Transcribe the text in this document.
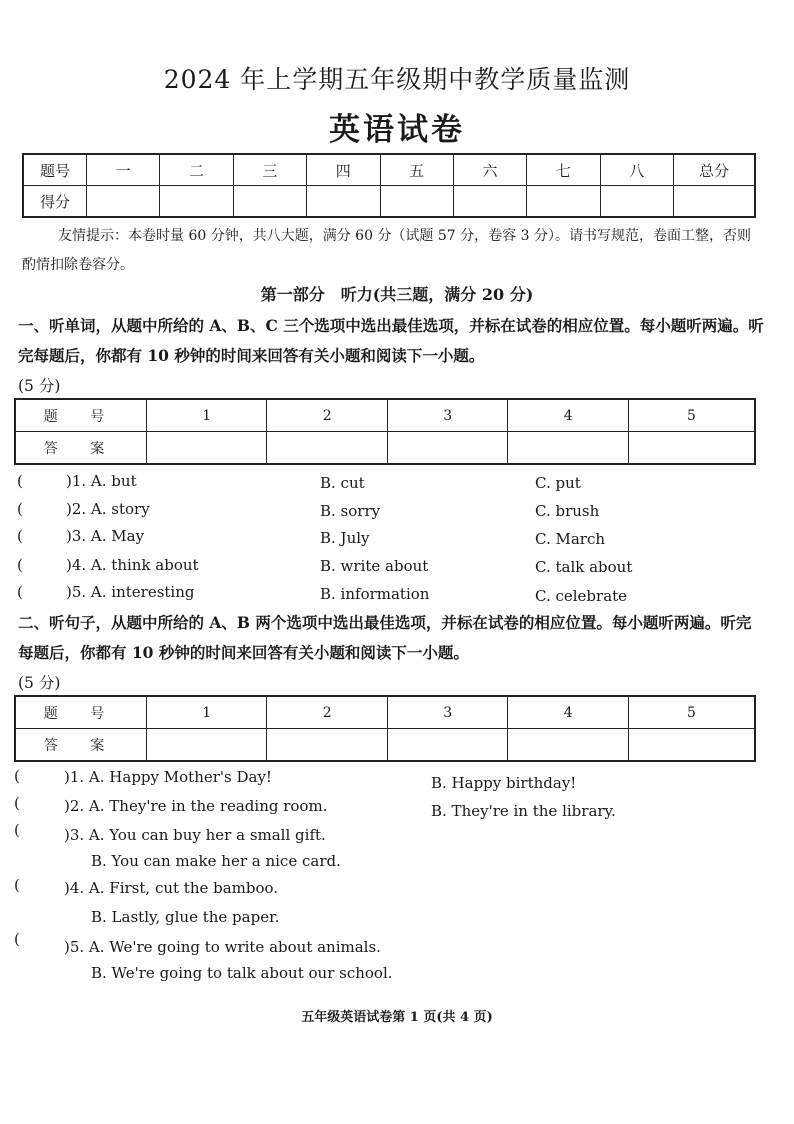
2024 年上学期五年级期中教学质量监测
英语试卷
题号	一	二	三	四	五	六	七	八	总分
得分									
友情提示：本卷时量 60 分钟，共八大题，满分 60 分（试题 57 分，卷容 3 分）。请书写规范，卷面工整，否则酌情扣除卷容分。
第一部分　听力(共三题，满分 20 分)
一、听单词，从题中所给的 A、B、C 三个选项中选出最佳选项，并标在试卷的相应位置。每小题听两遍。听完每题后，你都有 10 秒钟的时间来回答有关小题和阅读下一小题。
(5 分)
题 号	1	2	3	4	5
答 案					
(	)1. A. but	B. cut	C. put
(	)2. A. story	B. sorry	C. brush
(	)3. A. May	B. July	C. March
(	)4. A. think about	B. write about	C. talk about
(	)5. A. interesting	B. information	C. celebrate
二、听句子，从题中所给的 A、B 两个选项中选出最佳选项，并标在试卷的相应位置。每小题听两遍。听完每题后，你都有 10 秒钟的时间来回答有关小题和阅读下一小题。
(5 分)
题 号	1	2	3	4	5
答 案					
(	)1. A. Happy Mother's Day!	B. Happy birthday!
(	)2. A. They're in the reading room.	B. They're in the library.
(	)3. A. You can buy her a small gift.
B. You can make her a nice card.
(	)4. A. First, cut the bamboo.
B. Lastly, glue the paper.
(	)5. A. We're going to write about animals.
B. We're going to talk about our school.
五年级英语试卷第 1 页(共 4 页)
